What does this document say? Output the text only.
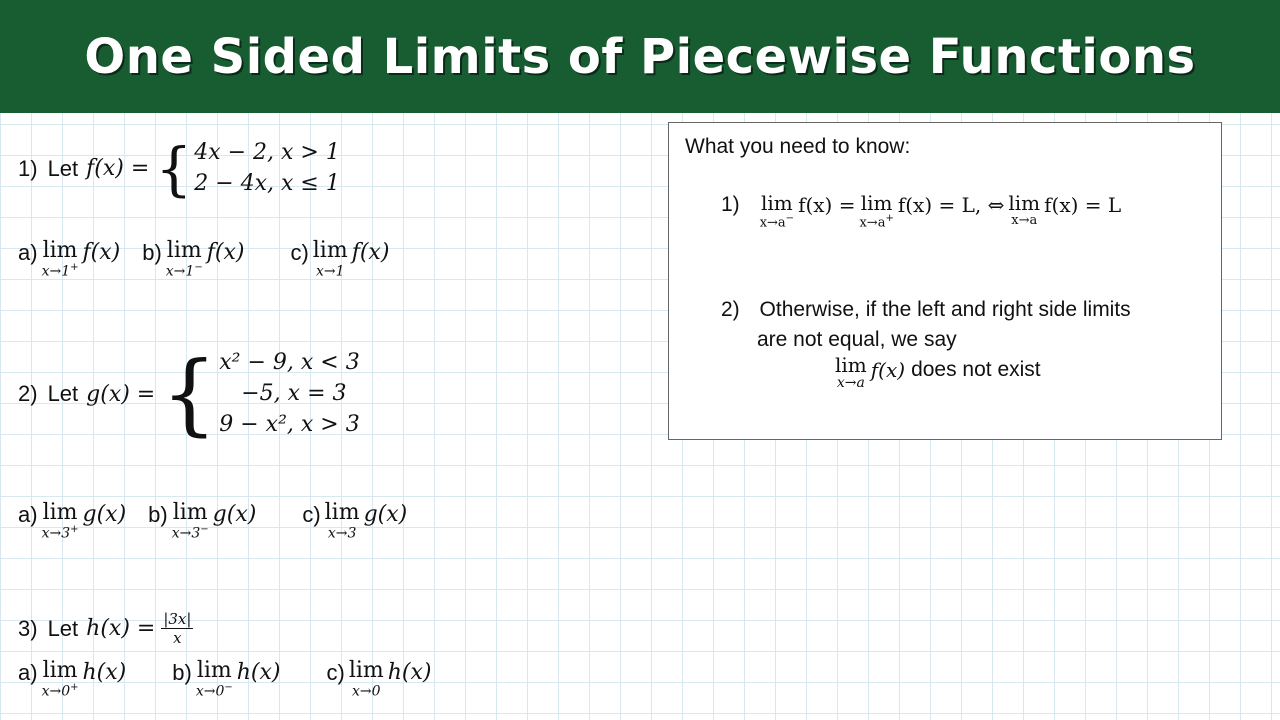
One Sided Limits of Piecewise Functions
1) Let f(x) = { 4x − 2, x > 1
2 − 4x, x ≤ 1
a) lim
x→1+
f(x) b) lim
x→1−
f(x) c) lim
x→1
f(x)
2) Let g(x) = { x² − 9, x < 3
−5, x = 3
9 − x², x > 3
a) lim
x→3+
g(x) b) lim
x→3−
g(x) c) lim
x→3
g(x)
3) Let $h(x) = \frac{|3x|}{x}$
a) lim
x→0+
h(x) b) lim
x→0−
h(x) c) lim
x→0
h(x)
What you need to know:
1) lim
x→a−
f(x) = lim
x→a+
f(x) = L, ⇔ lim
x→a
f(x) = L
2) Otherwise, if the left and right side limits
are not equal, we say
lim
x→a
f(x) does not exist
